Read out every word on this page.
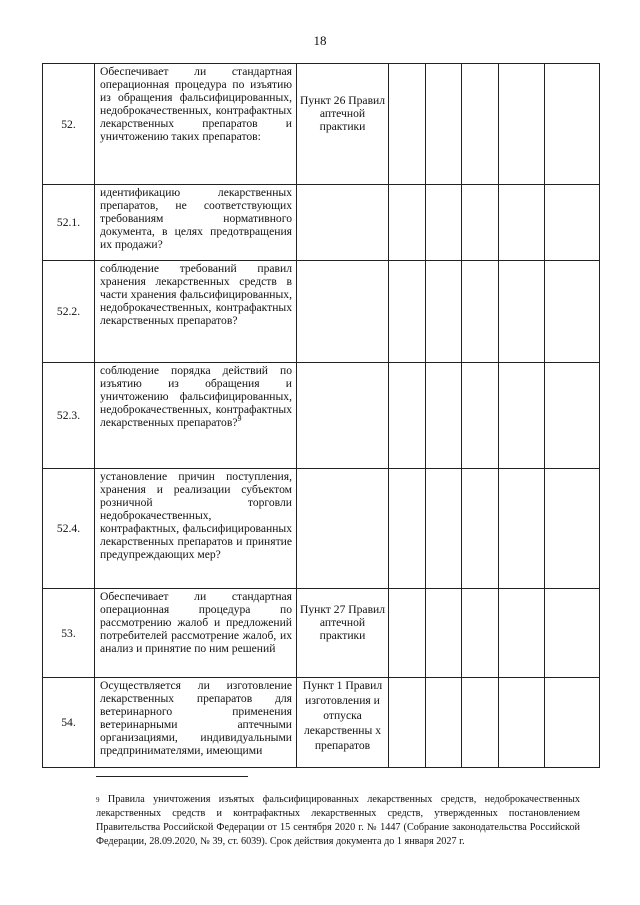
18
52.	Обеспечивает ли стандартная операционная процедура по изъятию из обращения фальсифицированных, недоброкачественных, контрафактных лекарственных препаратов и уничтожению таких препаратов:	Пункт 26 Правил аптечной практики					

52.1.	идентификацию лекарственных препаратов, не соответствующих требованиям нормативного документа, в целях предотвращения их продажи?						

52.2.	соблюдение требований правил хранения лекарственных средств в части хранения фальсифицированных, недоброкачественных, контрафактных лекарственных препаратов?						

52.3.	соблюдение порядка действий по изъятию из обращения и уничтожению фальсифицированных, недоброкачественных, контрафактных лекарственных препаратов?$^9$

52.4.	установление причин поступления, хранения и реализации субъектом розничной торговли недоброкачественных, контрафактных, фальсифицированных лекарственных препаратов и принятие предупреждающих мер?						

53.	Обеспечивает ли стандартная операционная процедура по рассмотрению жалоб и предложений потребителей рассмотрение жалоб, их анализ и принятие по ним решений	Пункт 27 Правил аптечной практики					

54.	Осуществляется ли изготовление лекарственных препаратов для ветеринарного применения ветеринарными аптечными организациями, индивидуальными предпринимателями, имеющими	Пункт 1 Правил изготовления и отпуска лекарственны х препаратов					

$^9$ Правила уничтожения изъятых фальсифицированных лекарственных средств, недоброкачественных лекарственных средств и контрафактных лекарственных средств, утвержденных постановлением Правительства Российской Федерации от 15 сентября 2020 г. № 1447 (Собрание законодательства Российской Федерации, 28.09.2020, № 39, ст. 6039). Срок действия документа до 1 января 2027 г.
